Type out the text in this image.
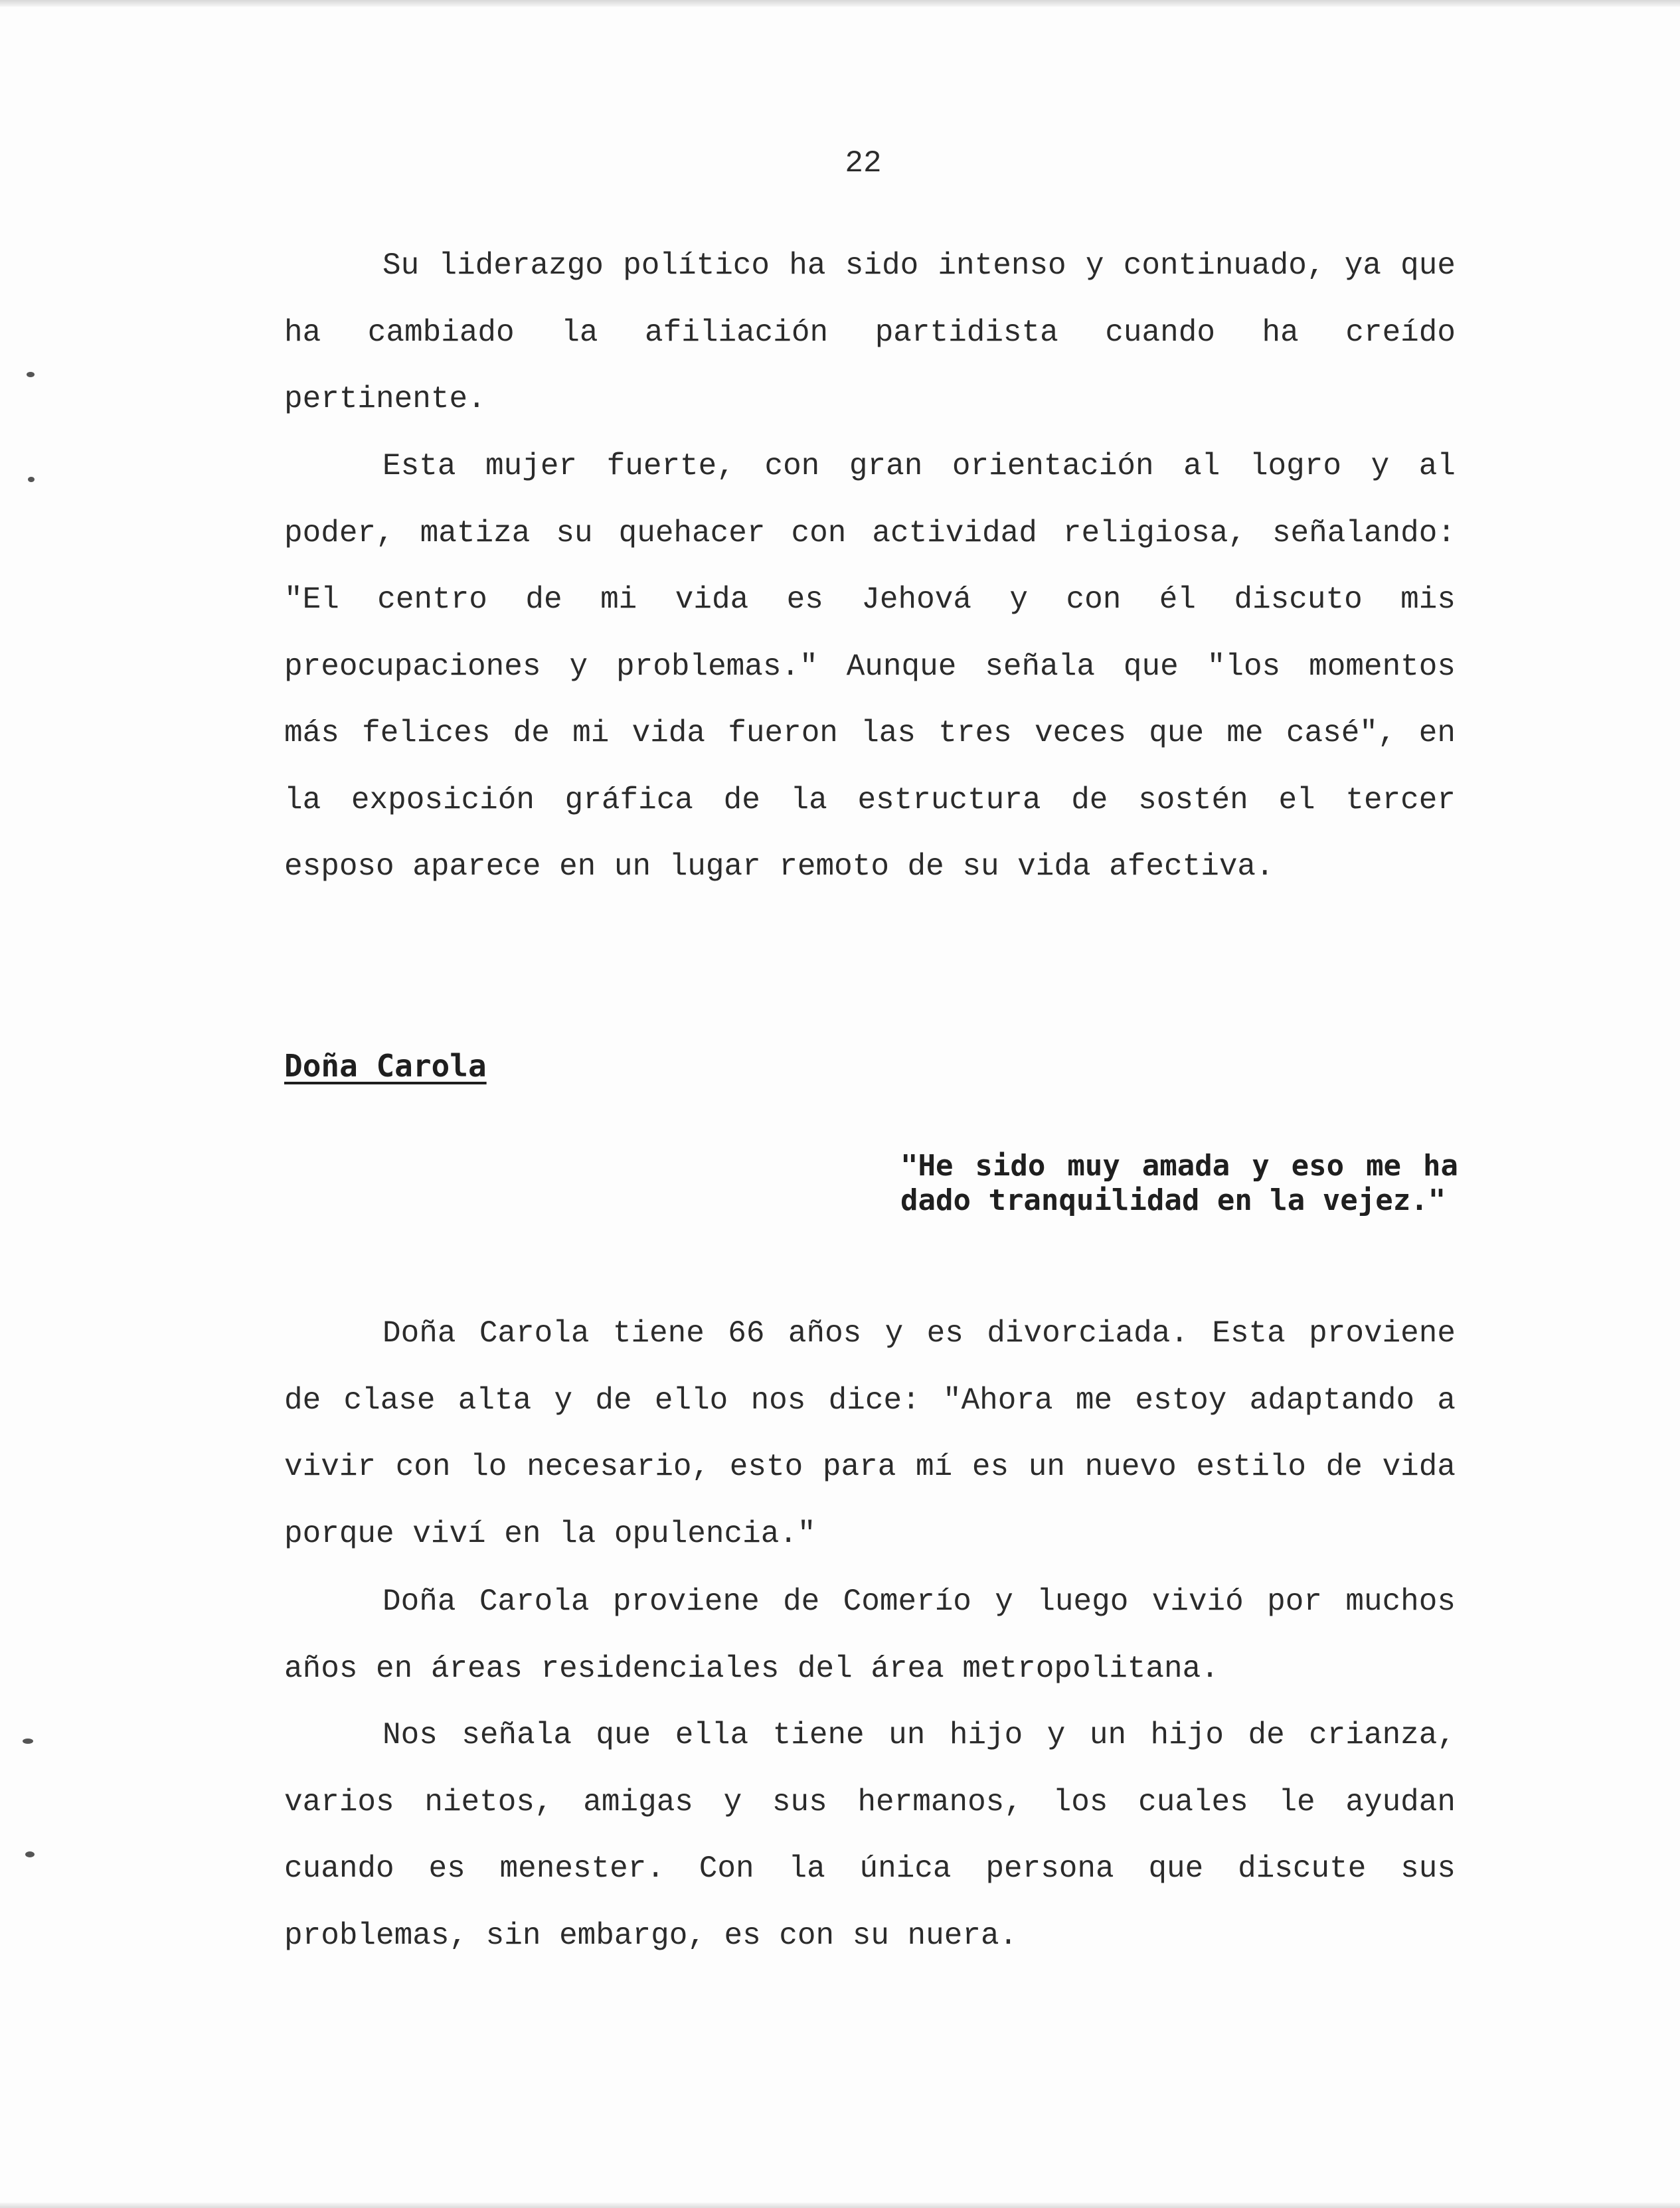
22

Su liderazgo político ha sido intenso y continuado, ya que ha cambiado la afiliación partidista cuando ha creído pertinente.

Esta mujer fuerte, con gran orientación al logro y al poder, matiza su quehacer con actividad religiosa, señalando: "El centro de mi vida es Jehová y con él discuto mis preocupaciones y problemas." Aunque señala que "los momentos más felices de mi vida fueron las tres veces que me casé", en la exposición gráfica de la estructura de sostén el tercer esposo aparece en un lugar remoto de su vida afectiva.

Doña Carola

"He sido muy amada y eso me ha dado tranquilidad en la vejez."

Doña Carola tiene 66 años y es divorciada. Esta proviene de clase alta y de ello nos dice: "Ahora me estoy adaptando a vivir con lo necesario, esto para mí es un nuevo estilo de vida porque viví en la opulencia."

Doña Carola proviene de Comerío y luego vivió por muchos años en áreas residenciales del área metropolitana.

Nos señala que ella tiene un hijo y un hijo de crianza, varios nietos, amigas y sus hermanos, los cuales le ayudan cuando es menester. Con la única persona que discute sus problemas, sin embargo, es con su nuera.
